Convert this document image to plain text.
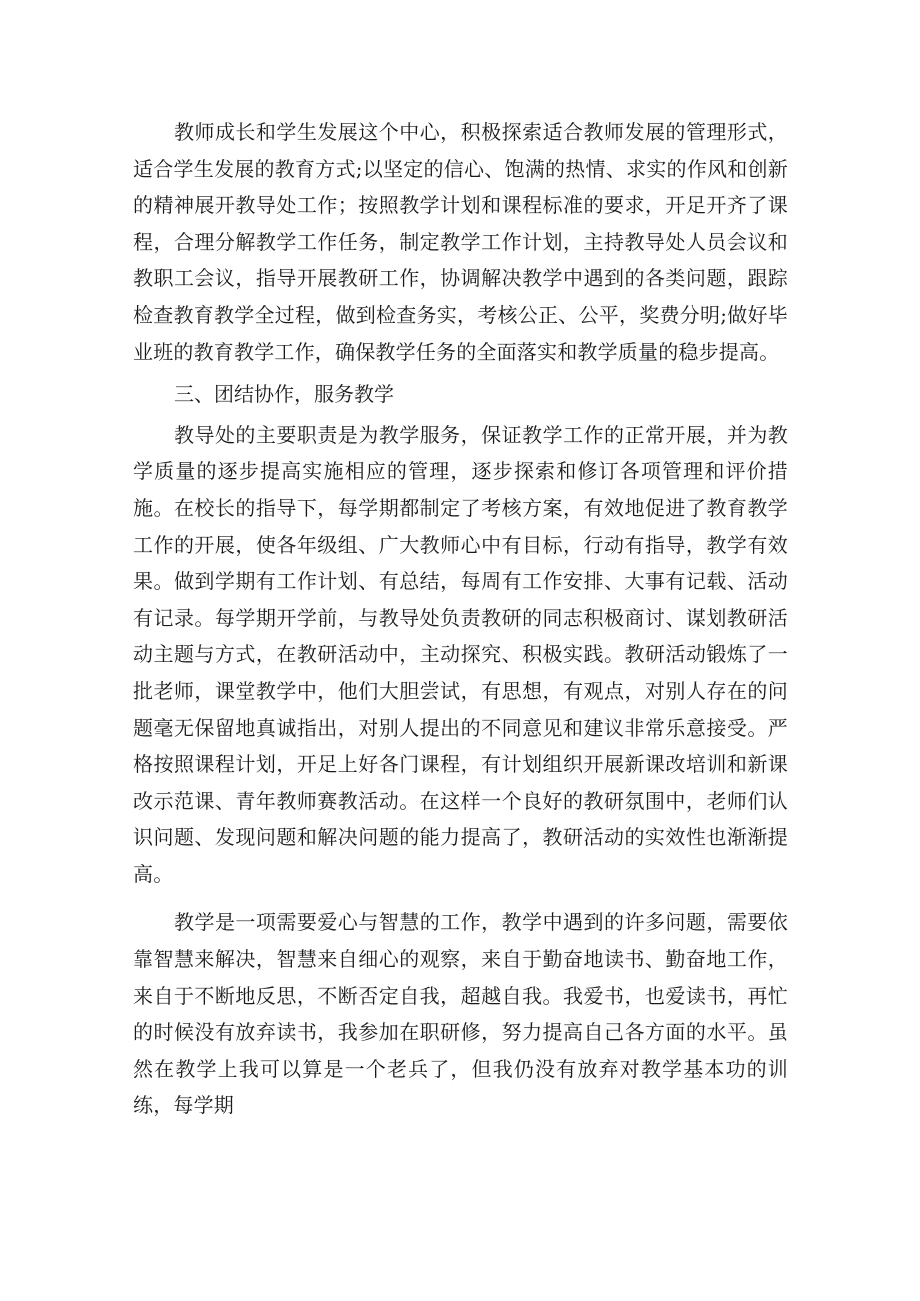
教师成长和学生发展这个中心，积极探索适合教师发展的管理形式，适合学生发展的教育方式;以坚定的信心、饱满的热情、求实的作风和创新的精神展开教导处工作；按照教学计划和课程标准的要求，开足开齐了课程，合理分解教学工作任务，制定教学工作计划，主持教导处人员会议和教职工会议，指导开展教研工作，协调解决教学中遇到的各类问题，跟踪检查教育教学全过程，做到检查务实，考核公正、公平，奖费分明;做好毕业班的教育教学工作，确保教学任务的全面落实和教学质量的稳步提高。

三、团结协作，服务教学

教导处的主要职责是为教学服务，保证教学工作的正常开展，并为教学质量的逐步提高实施相应的管理，逐步探索和修订各项管理和评价措施。在校长的指导下，每学期都制定了考核方案，有效地促进了教育教学工作的开展，使各年级组、广大教师心中有目标，行动有指导，教学有效果。做到学期有工作计划、有总结，每周有工作安排、大事有记载、活动有记录。每学期开学前，与教导处负责教研的同志积极商讨、谋划教研活动主题与方式，在教研活动中，主动探究、积极实践。教研活动锻炼了一批老师，课堂教学中，他们大胆尝试，有思想，有观点，对别人存在的问题毫无保留地真诚指出，对别人提出的不同意见和建议非常乐意接受。严格按照课程计划，开足上好各门课程，有计划组织开展新课改培训和新课改示范课、青年教师赛教活动。在这样一个良好的教研氛围中，老师们认识问题、发现问题和解决问题的能力提高了，教研活动的实效性也渐渐提高。

教学是一项需要爱心与智慧的工作，教学中遇到的许多问题，需要依靠智慧来解决，智慧来自细心的观察，来自于勤奋地读书、勤奋地工作，来自于不断地反思，不断否定自我，超越自我。我爱书，也爱读书，再忙的时候没有放弃读书，我参加在职研修，努力提高自己各方面的水平。虽然在教学上我可以算是一个老兵了，但我仍没有放弃对教学基本功的训练，每学期
